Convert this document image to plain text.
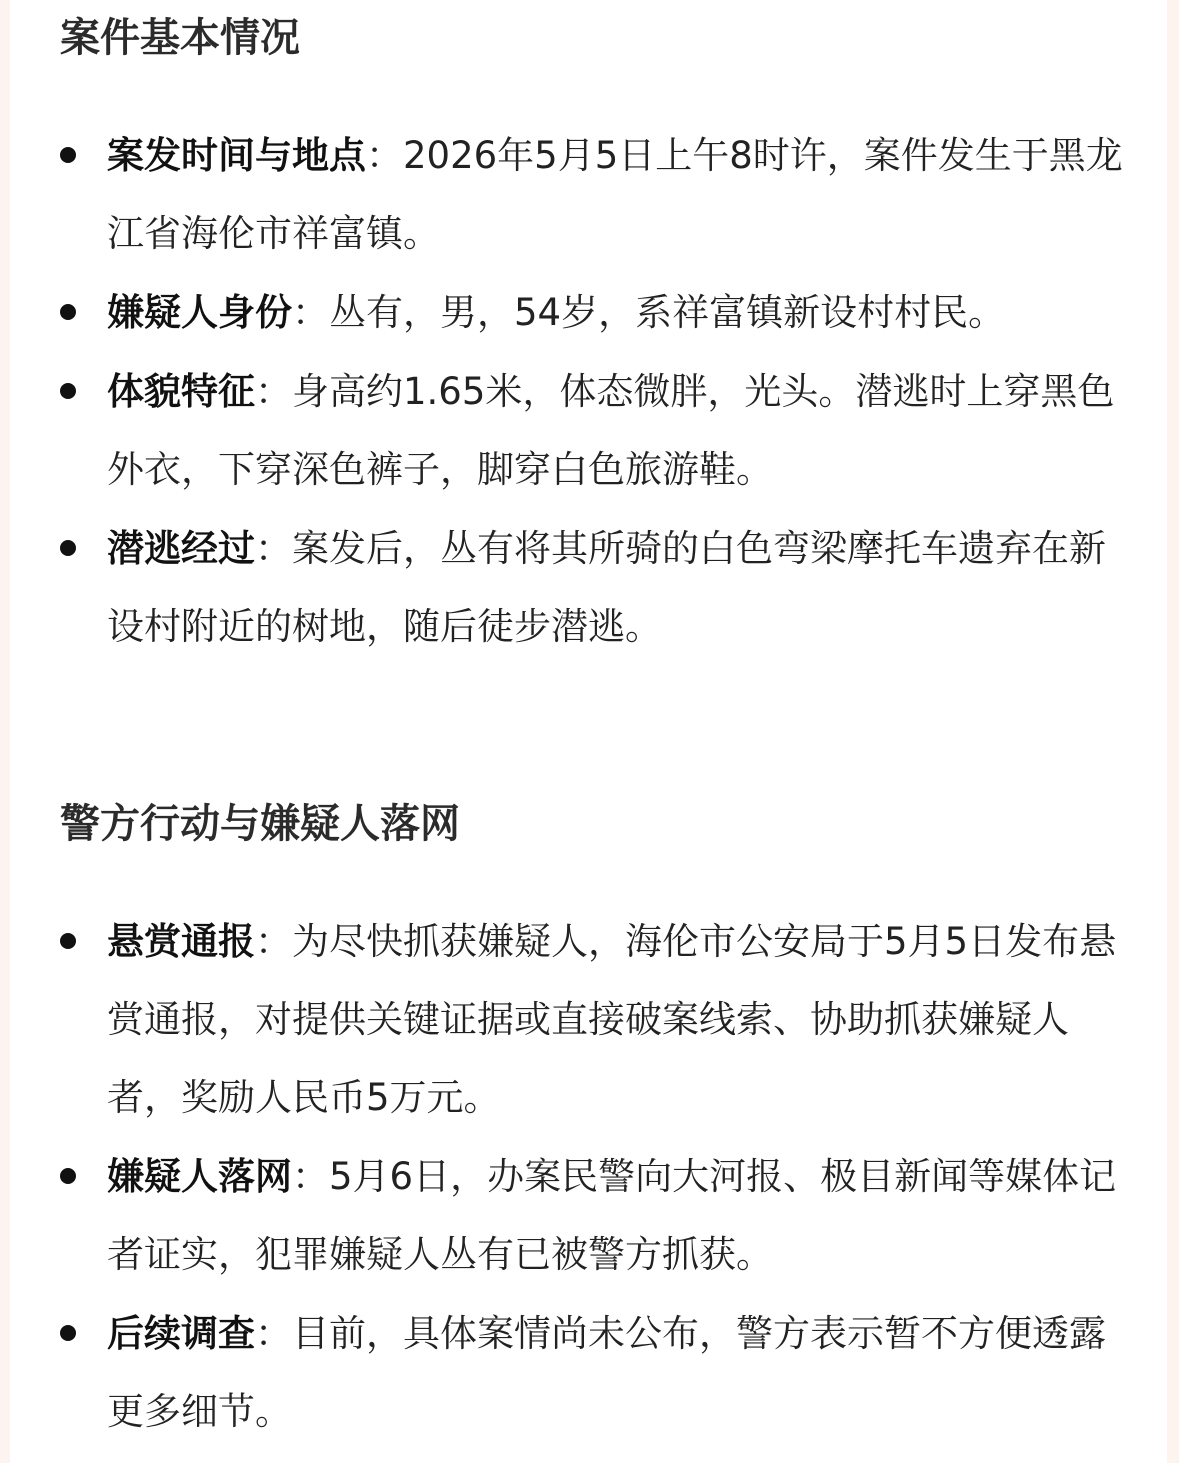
案件基本情况
案发时间与地点：2026年5月5日上午8时许，案件发生于黑龙江省海伦市祥富镇。
嫌疑人身份：丛有，男，54岁，系祥富镇新设村村民。
体貌特征：身高约1.65米，体态微胖，光头。潜逃时上穿黑色外衣，下穿深色裤子，脚穿白色旅游鞋。
潜逃经过：案发后，丛有将其所骑的白色弯梁摩托车遗弃在新设村附近的树地，随后徒步潜逃。
警方行动与嫌疑人落网
悬赏通报：为尽快抓获嫌疑人，海伦市公安局于5月5日发布悬赏通报，对提供关键证据或直接破案线索、协助抓获嫌疑人者，奖励人民币5万元。
嫌疑人落网：5月6日，办案民警向大河报、极目新闻等媒体记者证实，犯罪嫌疑人丛有已被警方抓获。
后续调查：目前，具体案情尚未公布，警方表示暂不方便透露更多细节。
